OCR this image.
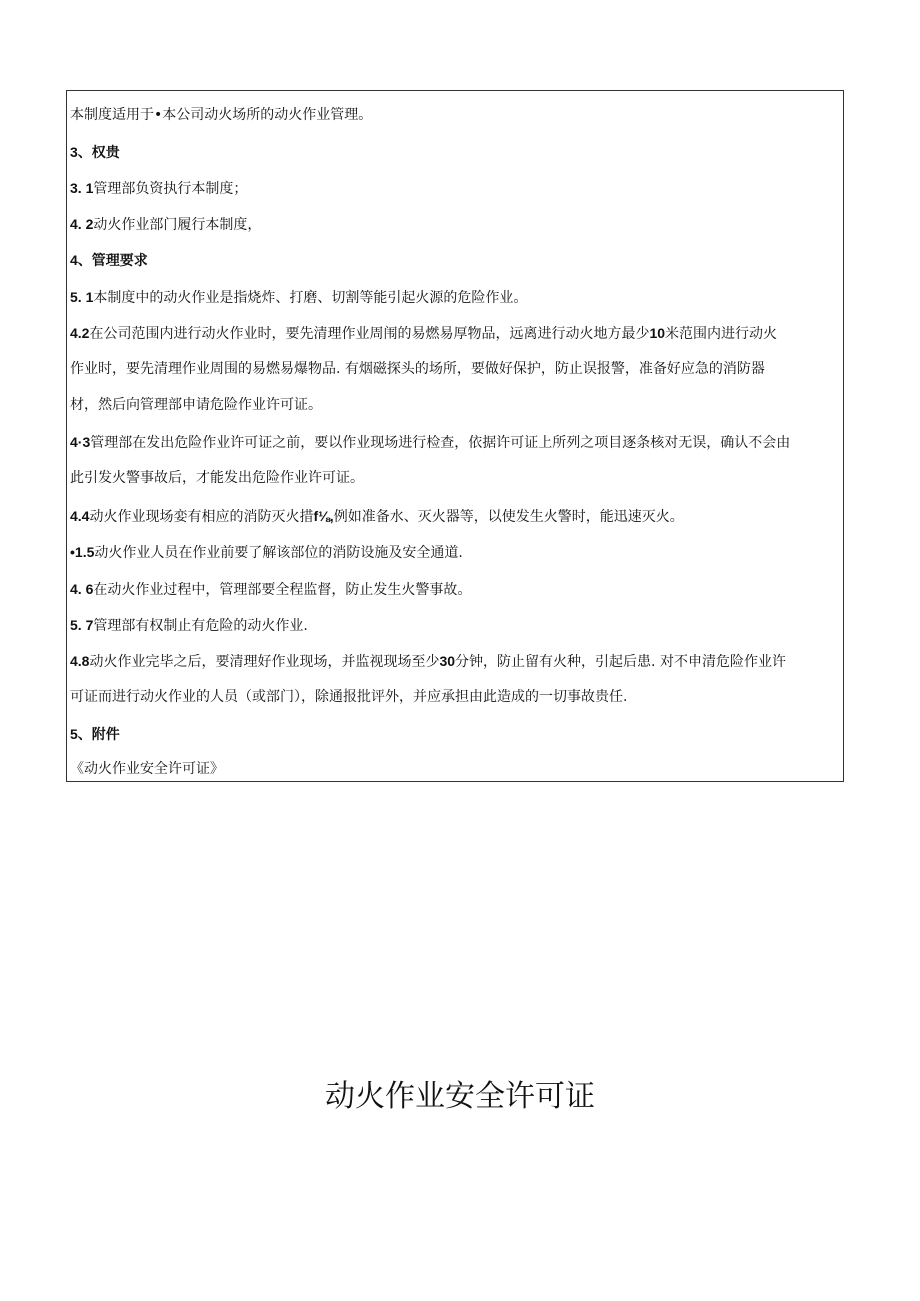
本制度适用于•本公司动火场所的动火作业管理。
3、权贵
3. 1管理部负资执行本制度；
4. 2动火作业部门履行本制度，
4、管理要求
5. 1本制度中的动火作业是指烧炸、打磨、切割等能引起火源的危险作业。
4.2在公司范围内进行动火作业时，要先清理作业周闱的易燃易厚物品，远离进行动火地方最少10米范围内进行动火
作业时，要先清理作业周围的易燃易爆物品. 有烟磁探头的场所，要做好保护，防止误报警，准备好应急的消防器
材，然后向管理部申请危险作业许可证。
4·3管理部在发出危险作业许可证之前，要以作业现场进行检查，依据许可证上所列之项目逐条核对无误，确认不会由
此引发火警事故后，才能发出危险作业许可证。
4.4动火作业现场娈有相应的消防灭火措f⅛,例如准备水、灭火器等，以使发生火警时，能迅速灭火。
•1.5动火作业人员在作业前要了解该部位的消防设施及安全通道.
4. 6在动火作业过程中，管理部要全程监督，防止发生火警事故。
5. 7管理部有权制止有危险的动火作业.
4.8动火作业完毕之后，要清理好作业现场，并监视现场至少30分钟，防止留有火种，引起后患. 对不申清危险作业许
可证而进行动火作业的人员（或部门），除通报批评外，并应承担由此造成的一切事故贵任.
5、附件
《动火作业安全许可证》
动火作业安全许可证
